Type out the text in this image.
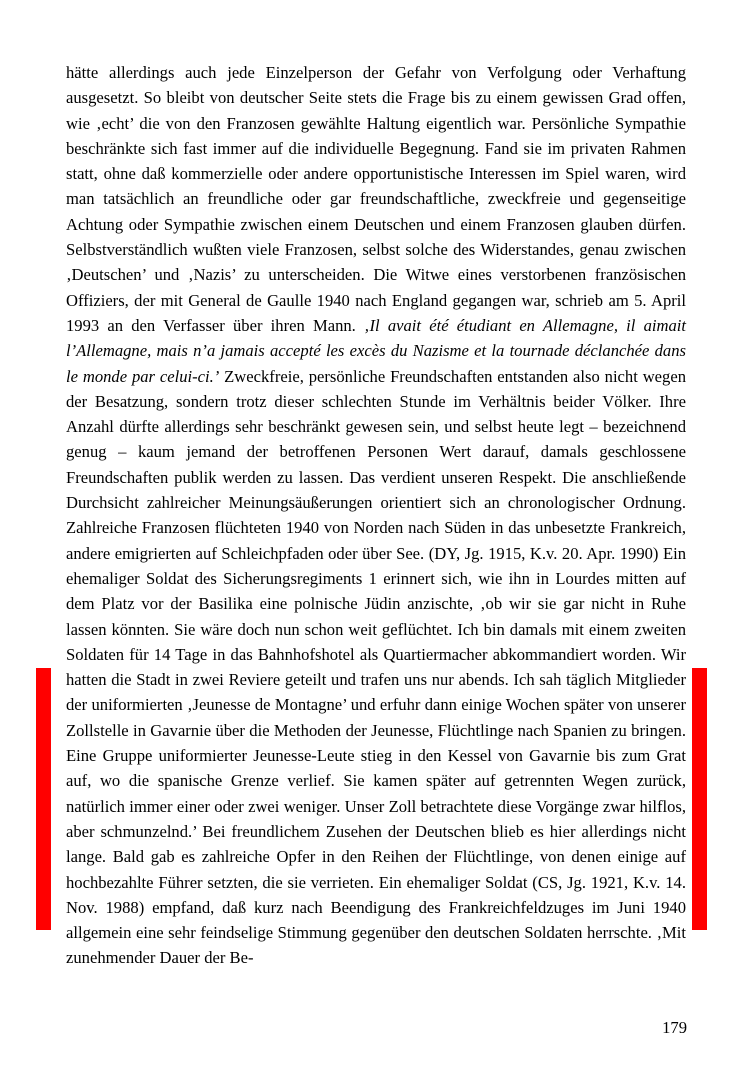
hätte allerdings auch jede Einzelperson der Gefahr von Verfolgung oder Verhaftung ausgesetzt. So bleibt von deutscher Seite stets die Frage bis zu einem gewissen Grad offen, wie ‚echt’ die von den Franzosen gewählte Haltung eigentlich war. Persönliche Sympathie beschränkte sich fast immer auf die individuelle Begegnung. Fand sie im privaten Rahmen statt, ohne daß kommerzielle oder andere opportunistische Interessen im Spiel waren, wird man tatsächlich an freundliche oder gar freundschaftliche, zweckfreie und gegenseitige Achtung oder Sympathie zwischen einem Deutschen und einem Franzosen glauben dürfen. Selbstverständlich wußten viele Franzosen, selbst solche des Widerstandes, genau zwischen ‚Deutschen’ und ‚Nazis’ zu unterscheiden. Die Witwe eines verstorbenen französischen Offiziers, der mit General de Gaulle 1940 nach England gegangen war, schrieb am 5. April 1993 an den Verfasser über ihren Mann. ‚Il avait été étudiant en Allemagne, il aimait l’Allemagne, mais n’a jamais accepté les excès du Nazisme et la tournade déclanchée dans le monde par celui-ci.’ Zweckfreie, persönliche Freundschaften entstanden also nicht wegen der Besatzung, sondern trotz dieser schlechten Stunde im Verhältnis beider Völker. Ihre Anzahl dürfte allerdings sehr beschränkt gewesen sein, und selbst heute legt – bezeichnend genug – kaum jemand der betroffenen Personen Wert darauf, damals geschlossene Freundschaften publik werden zu lassen. Das verdient unseren Respekt. Die anschließende Durchsicht zahlreicher Meinungsäußerungen orientiert sich an chronologischer Ordnung. Zahlreiche Franzosen flüchteten 1940 von Norden nach Süden in das unbesetzte Frankreich, andere emigrierten auf Schleichpfaden oder über See. (DY, Jg. 1915, K.v. 20. Apr. 1990) Ein ehemaliger Soldat des Sicherungsregiments 1 erinnert sich, wie ihn in Lourdes mitten auf dem Platz vor der Basilika eine polnische Jüdin anzischte, ‚ob wir sie gar nicht in Ruhe lassen könnten. Sie wäre doch nun schon weit geflüchtet. Ich bin damals mit einem zweiten Soldaten für 14 Tage in das Bahnhofshotel als Quartiermacher abkommandiert worden. Wir hatten die Stadt in zwei Reviere geteilt und trafen uns nur abends. Ich sah täglich Mitglieder der uniformierten ‚Jeunesse de Montagne’ und erfuhr dann einige Wochen später von unserer Zollstelle in Gavarnie über die Methoden der Jeunesse, Flüchtlinge nach Spanien zu bringen. Eine Gruppe uniformierter Jeunesse-Leute stieg in den Kessel von Gavarnie bis zum Grat auf, wo die spanische Grenze verlief. Sie kamen später auf getrennten Wegen zurück, natürlich immer einer oder zwei weniger. Unser Zoll betrachtete diese Vorgänge zwar hilflos, aber schmunzelnd.’ Bei freundlichem Zusehen der Deutschen blieb es hier allerdings nicht lange. Bald gab es zahlreiche Opfer in den Reihen der Flüchtlinge, von denen einige auf hochbezahlte Führer setzten, die sie verrieten. Ein ehemaliger Soldat (CS, Jg. 1921, K.v. 14. Nov. 1988) empfand, daß kurz nach Beendigung des Frankreichfeldzuges im Juni 1940 allgemein eine sehr feindselige Stimmung gegenüber den deutschen Soldaten herrschte. ‚Mit zunehmender Dauer der Be-

179
